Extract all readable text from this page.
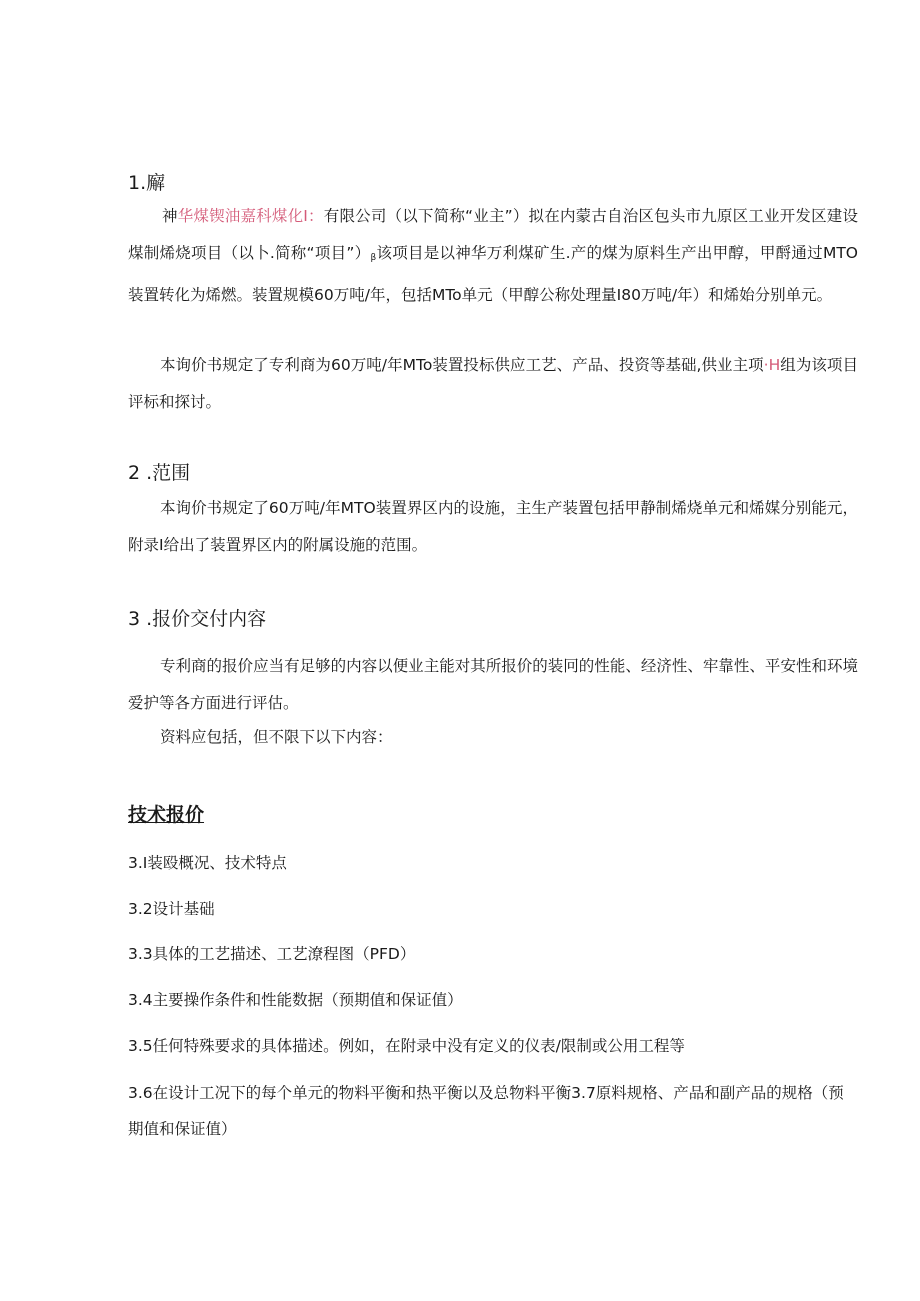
1.廨

神华煤锲油嘉科煤化I：有限公司（以下简称“业主”）拟在内蒙古自治区包头市九原区工业开发区建设煤制烯烧项目（以卜.简称“项目$”)_\beta$该项目是以神华万利煤矿生.产的煤为原料生产出甲醇，甲酹通过MTO装置转化为烯燃。装置规模60万吨/年，包括MTo单元（甲醇公称处理量I80万吨/年）和烯始分别单元。

本询价书规定了专利商为60万吨/年MTo装置投标供应工艺、产品、投资等基础,供业主项·H组为该项目评标和探讨。

2 .范围

本询价书规定了60万吨/年MTO装置界区内的设施，主生产装置包括甲静制烯烧单元和烯媒分别能元，附录I给出了装置界区内的附属设施的范围。

3 .报价交付内容

专利商的报价应当有足够的内容以便业主能对其所报价的装冋的性能、经济性、牢靠性、平安性和环境爱护等各方面进行评估。

资料应包括，但不限下以下内容：

技术报价

3.I装殴概况、技术特点

3.2设计基础

3.3具体的工艺描述、工艺潦程图（PFD）

3.4主要操作条件和性能数据（预期值和保证值）

3.5任何特殊要求的具体描述。例如，在附录中没有定义的仪表/限制或公用工程等

3.6在设计工况下的每个单元的物料平衡和热平衡以及总物料平衡3.7原料规格、产品和副产品的规格（预期值和保证值）
